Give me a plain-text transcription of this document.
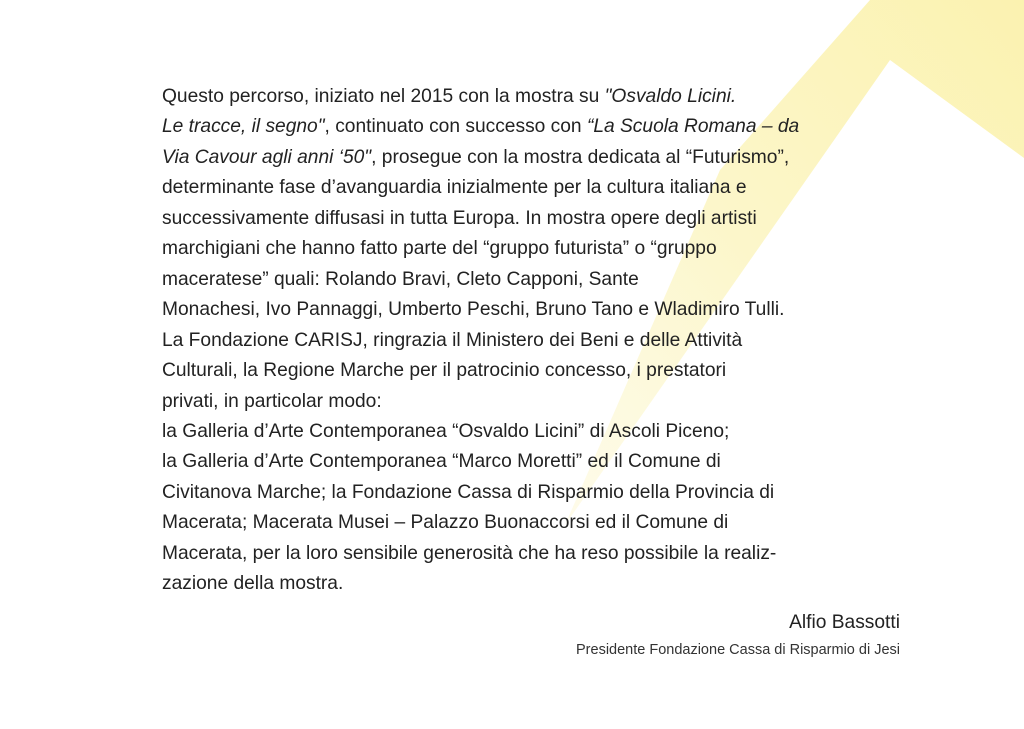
Questo percorso, iniziato nel 2015 con la mostra su "Osvaldo Licini.
Le tracce, il segno", continuato con successo con “La Scuola Romana – da
Via Cavour agli anni ‘50", prosegue con la mostra dedicata al “Futurismo”,
determinante fase d’avanguardia inizialmente per la cultura italiana e
successivamente diffusasi in tutta Europa. In mostra opere degli artisti
marchigiani che hanno fatto parte del “gruppo futurista” o “gruppo
maceratese” quali: Rolando Bravi, Cleto Capponi, Sante
Monachesi, Ivo Pannaggi, Umberto Peschi, Bruno Tano e Wladimiro Tulli.
La Fondazione CARISJ, ringrazia il Ministero dei Beni e delle Attività
Culturali, la Regione Marche per il patrocinio concesso, i prestatori
privati, in particolar modo:
la Galleria d’Arte Contemporanea “Osvaldo Licini” di Ascoli Piceno;
la Galleria d’Arte Contemporanea “Marco Moretti” ed il Comune di
Civitanova Marche; la Fondazione Cassa di Risparmio della Provincia di
Macerata; Macerata Musei – Palazzo Buonaccorsi ed il Comune di
Macerata, per la loro sensibile generosità che ha reso possibile la realiz-
zazione della mostra.
Alfio Bassotti
Presidente Fondazione Cassa di Risparmio di Jesi
